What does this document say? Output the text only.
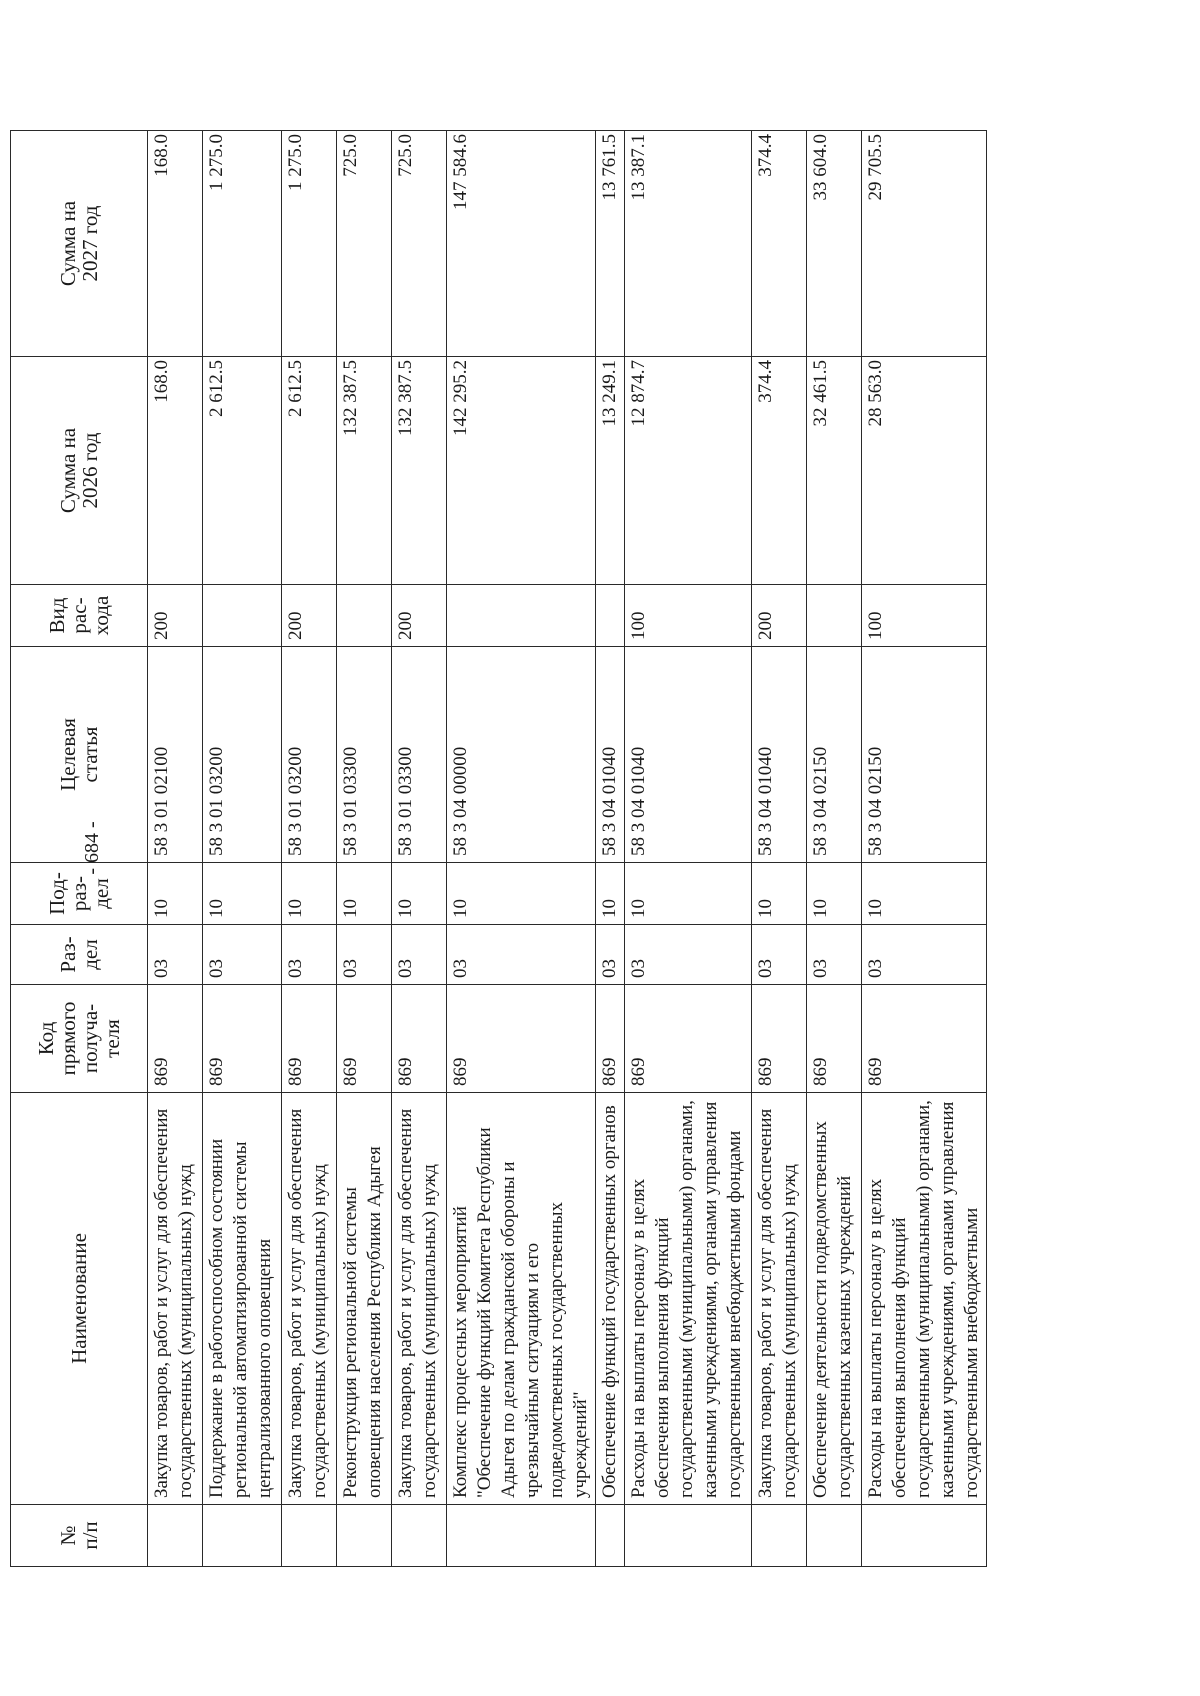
- 684 -
№
п/п	Наименование	Код
прямого
получа-
теля	Раз-
дел	Под-
раз-
дел	Целевая
статья	Вид
рас-
хода	Сумма на
2026 год	Сумма на
2027 год

	Закупка товаров, работ и услуг для обеспечения государственных (муниципальных) нужд	869	03	10	58 3 01 02100	200	168.0	168.0
	Поддержание в работоспособном состоянии региональной автоматизированной системы централизованного оповещения	869	03	10	58 3 01 03200		2 612.5	1 275.0
	Закупка товаров, работ и услуг для обеспечения государственных (муниципальных) нужд	869	03	10	58 3 01 03200	200	2 612.5	1 275.0
	Реконструкция региональной системы оповещения населения Республики Адыгея	869	03	10	58 3 01 03300		132 387.5	725.0
	Закупка товаров, работ и услуг для обеспечения государственных (муниципальных) нужд	869	03	10	58 3 01 03300	200	132 387.5	725.0
	Комплекс процессных мероприятий "Обеспечение функций Комитета Республики Адыгея по делам гражданской обороны и чрезвычайным ситуациям и его подведомственных государственных учреждений"	869	03	10	58 3 04 00000		142 295.2	147 584.6
	Обеспечение функций государственных органов	869	03	10	58 3 04 01040		13 249.1	13 761.5
	Расходы на выплаты персоналу в целях обеспечения выполнения функций государственными (муниципальными) органами, казенными учреждениями, органами управления государственными внебюджетными фондами	869	03	10	58 3 04 01040	100	12 874.7	13 387.1
	Закупка товаров, работ и услуг для обеспечения государственных (муниципальных) нужд	869	03	10	58 3 04 01040	200	374.4	374.4
	Обеспечение деятельности подведомственных государственных казенных учреждений	869	03	10	58 3 04 02150		32 461.5	33 604.0
	Расходы на выплаты персоналу в целях обеспечения выполнения функций государственными (муниципальными) органами, казенными учреждениями, органами управления государственными внебюджетными	869	03	10	58 3 04 02150	100	28 563.0	29 705.5
